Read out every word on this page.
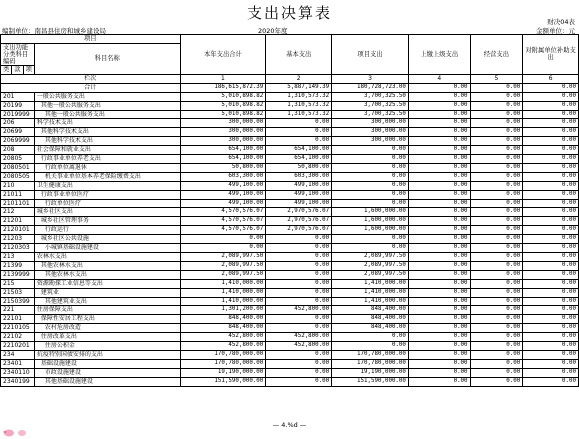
支出决算表	财决04表
编制单位：南昌县住房和城乡建设局	2020年度	金额单位：元
项目				本年支出合计	基本支出	项目支出	上缴上级支出	经营支出	对附属单位补助支出
支出功能分类科目编码			科目名称						

类	款	项							
栏次				1	2	3	4	5	6
合计				186,615,872.39	5,887,149.39	180,728,723.00	0.00	0.00	0.00
201			一般公共服务支出	5,010,898.82	1,310,573.32	3,700,325.50	0.00	0.00	0.00
20199			其他一般公共服务支出	5,010,898.82	1,310,573.32	3,700,325.50	0.00	0.00	0.00
2019999			其他一般公共服务支出	5,010,898.82	1,310,573.32	3,700,325.50	0.00	0.00	0.00
206			科学技术支出	300,000.00	0.00	300,000.00	0.00	0.00	0.00
20699			其他科学技术支出	300,000.00	0.00	300,000.00	0.00	0.00	0.00
2069999			其他科学技术支出	300,000.00	0.00	300,000.00	0.00	0.00	0.00
208			社会保障和就业支出	654,100.00	654,100.00	0.00	0.00	0.00	0.00
20805			行政事业单位养老支出	654,100.00	654,100.00	0.00	0.00	0.00	0.00
2080501			行政单位离退休	50,800.00	50,800.00	0.00	0.00	0.00	0.00
2080505			机关事业单位基本养老保险缴费支出	603,300.00	603,300.00	0.00	0.00	0.00	0.00
210			卫生健康支出	499,100.00	499,100.00	0.00	0.00	0.00	0.00
21011			行政事业单位医疗	499,100.00	499,100.00	0.00	0.00	0.00	0.00
2101101			行政单位医疗	499,100.00	499,100.00	0.00	0.00	0.00	0.00
212			城乡社区支出	4,570,576.07	2,970,576.07	1,600,000.00	0.00	0.00	0.00
21201			城乡社区管理事务	4,570,576.07	2,970,576.07	1,600,000.00	0.00	0.00	0.00
2120101			行政运行	4,570,576.07	2,970,576.07	1,600,000.00	0.00	0.00	0.00
21203			城乡社区公共设施	0.00	0.00	0.00	0.00	0.00	0.00
2120303			小城镇基础设施建设	0.00	0.00	0.00	0.00	0.00	0.00
213			农林水支出	2,089,997.50	0.00	2,089,997.50	0.00	0.00	0.00
21399			其他农林水支出	2,089,997.50	0.00	2,089,997.50	0.00	0.00	0.00
2139999			其他农林水支出	2,089,997.50	0.00	2,089,997.50	0.00	0.00	0.00
215			资源勘探工业信息等支出	1,410,000.00	0.00	1,410,000.00	0.00	0.00	0.00
21503			建筑业	1,410,000.00	0.00	1,410,000.00	0.00	0.00	0.00
2150399			其他建筑业支出	1,410,000.00	0.00	1,410,000.00	0.00	0.00	0.00
221			住房保障支出	1,301,200.00	452,800.00	848,400.00	0.00	0.00	0.00
22101			保障性安居工程支出	848,400.00	0.00	848,400.00	0.00	0.00	0.00
2210105			农村危房改造	848,400.00	0.00	848,400.00	0.00	0.00	0.00
22102			住房改革支出	452,800.00	452,800.00	0.00	0.00	0.00	0.00
2210201			住房公积金	452,800.00	452,800.00	0.00	0.00	0.00	0.00
234			抗疫特别国债安排的支出	170,780,000.00	0.00	170,780,000.00	0.00	0.00	0.00
23401			基础设施建设	170,780,000.00	0.00	170,780,000.00	0.00	0.00	0.00
2340110			市政设施建设	19,190,000.00	0.00	19,190,000.00	0.00	0.00	0.00
2340199			其他基础设施建设	151,590,000.00	0.00	151,590,000.00	0.00	0.00	0.00
— 4.%d —
